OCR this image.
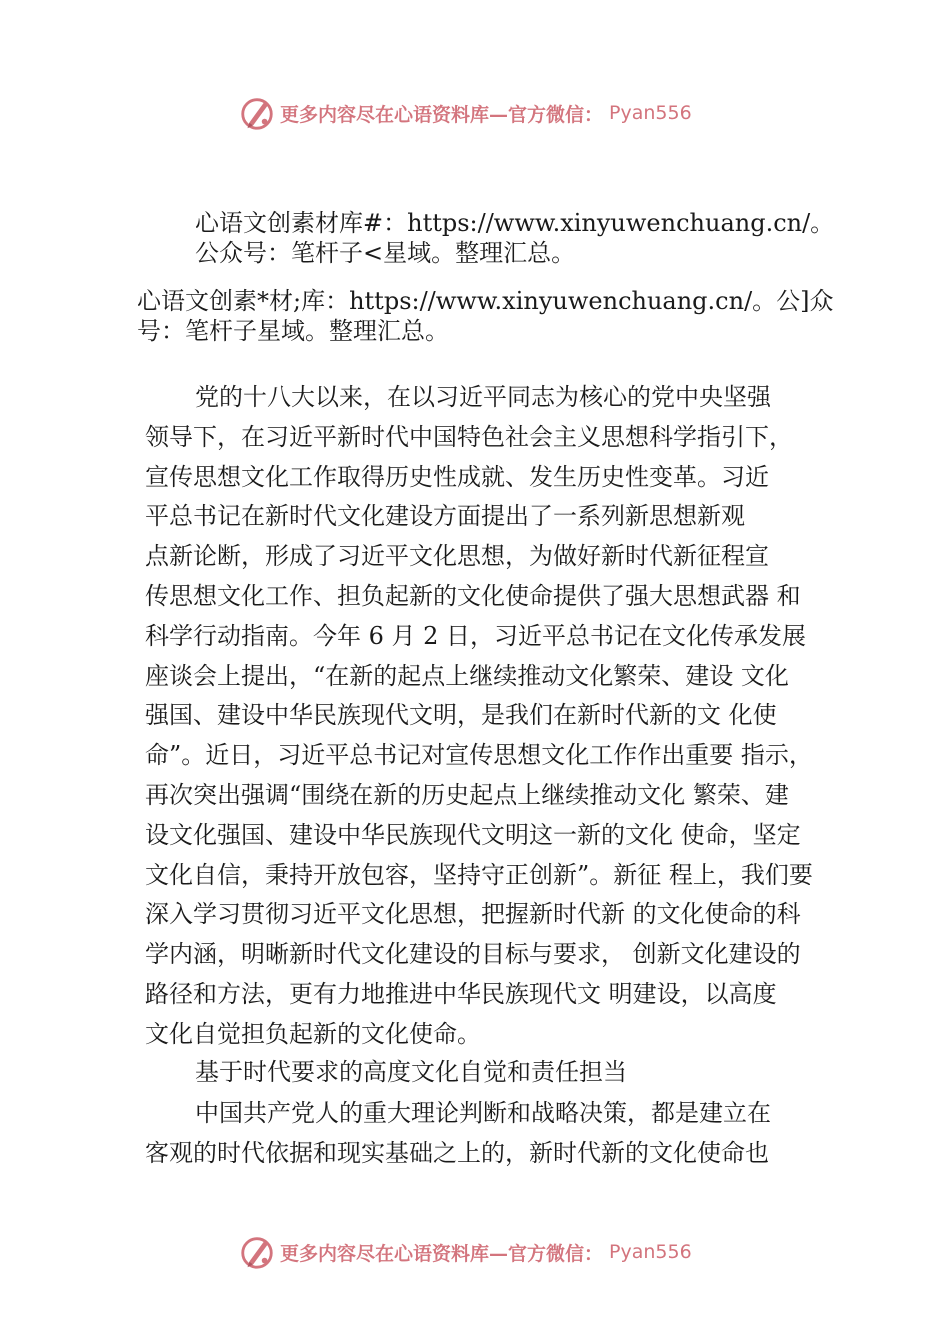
更多内容尽在心语资料库—官方微信： Pyan556
心语文创素材库#：https://www.xinyuwenchuang.cn/。
公众号：笔杆子<星域。整理汇总。
心语文创素*材;库：https://www.xinyuwenchuang.cn/。公]众
号：笔杆子星域。整理汇总。
党的十八大以来，在以习近平同志为核心的党中央坚强
领导下，在习近平新时代中国特色社会主义思想科学指引下，
宣传思想文化工作取得历史性成就、发生历史性变革。习近
平总书记在新时代文化建设方面提出了一系列新思想新观
点新论断，形成了习近平文化思想，为做好新时代新征程宣
传思想文化工作、担负起新的文化使命提供了强大思想武器 和
科学行动指南。今年 6 月 2 日，习近平总书记在文化传承发展
座谈会上提出，“在新的起点上继续推动文化繁荣、建设 文化
强国、建设中华民族现代文明，是我们在新时代新的文 化使
命”。近日，习近平总书记对宣传思想文化工作作出重要 指示，
再次突出强调“围绕在新的历史起点上继续推动文化 繁荣、建
设文化强国、建设中华民族现代文明这一新的文化 使命，坚定
文化自信，秉持开放包容，坚持守正创新”。新征 程上，我们要
深入学习贯彻习近平文化思想，把握新时代新 的文化使命的科
学内涵，明晰新时代文化建设的目标与要求， 创新文化建设的
路径和方法，更有力地推进中华民族现代文 明建设，以高度
文化自觉担负起新的文化使命。
基于时代要求的高度文化自觉和责任担当
中国共产党人的重大理论判断和战略决策，都是建立在
客观的时代依据和现实基础之上的，新时代新的文化使命也
更多内容尽在心语资料库—官方微信： Pyan556
